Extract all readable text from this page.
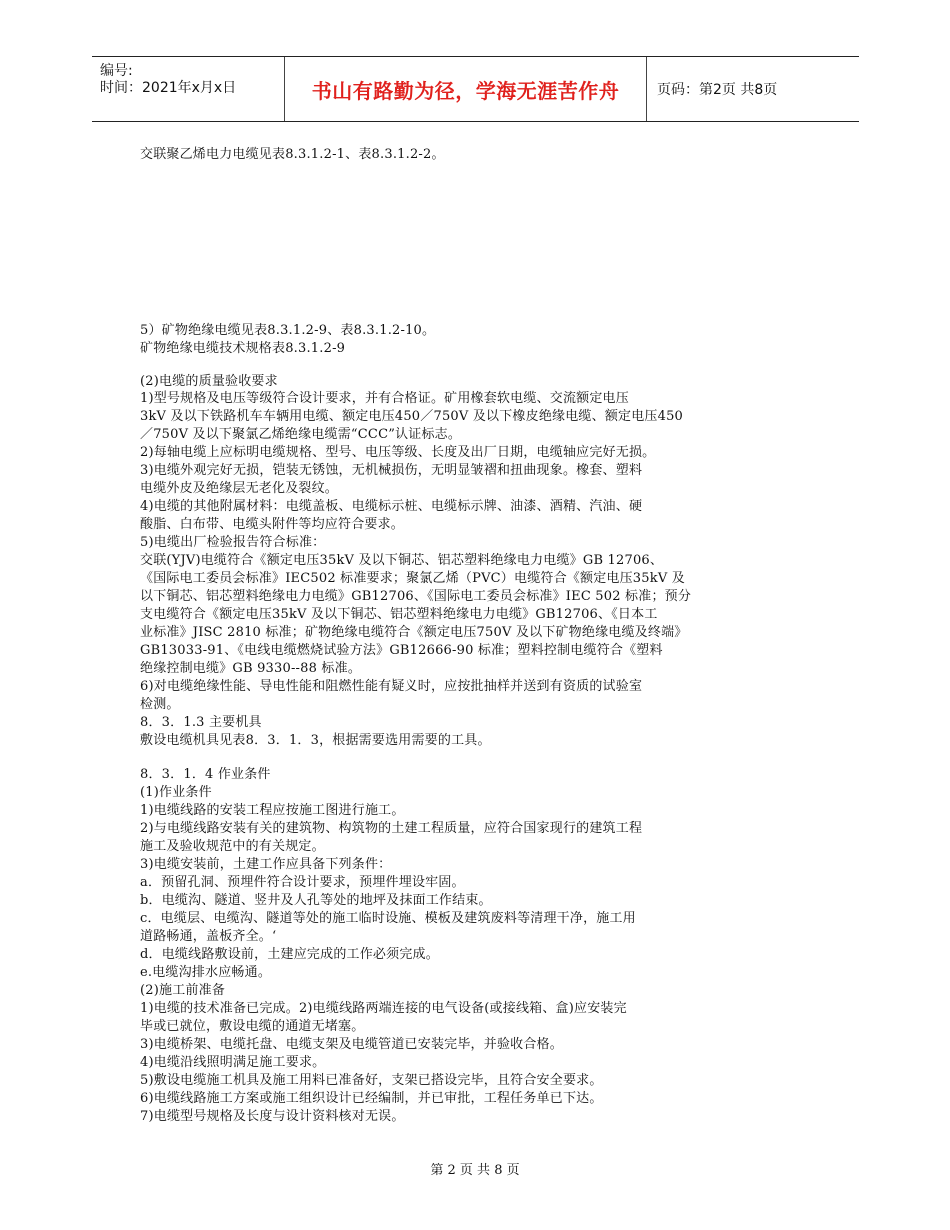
编号:
时间：2021年x月x日	书山有路勤为径，学海无涯苦作舟	页码：第2页 共8页
交联聚乙烯电力电缆见表8.3.1.2-1、表8.3.1.2-2。
5）矿物绝缘电缆见表8.3.1.2-9、表8.3.1.2-10。
矿物绝缘电缆技术规格表8.3.1.2-9
(2)电缆的质量验收要求
1)型号规格及电压等级符合设计要求，并有合格证。矿用橡套软电缆、交流额定电压
3kV 及以下铁路机车车辆用电缆、额定电压450／750V 及以下橡皮绝缘电缆、额定电压450
／750V 及以下聚氯乙烯绝缘电缆需“CCC”认证标志。
2)每轴电缆上应标明电缆规格、型号、电压等级、长度及出厂日期，电缆轴应完好无损。
3)电缆外观完好无损，铠装无锈蚀，无机械损伤，无明显皱褶和扭曲现象。橡套、塑料
电缆外皮及绝缘层无老化及裂纹。
4)电缆的其他附属材料：电缆盖板、电缆标示桩、电缆标示牌、油漆、酒精、汽油、硬
酸脂、白布带、电缆头附件等均应符合要求。
5)电缆出厂检验报告符合标准：
交联(YJV)电缆符合《额定电压35kV 及以下铜芯、铝芯塑料绝缘电力电缆》GB 12706、
《国际电工委员会标准》IEC502 标准要求；聚氯乙烯（PVC）电缆符合《额定电压35kV 及
以下铜芯、铝芯塑料绝缘电力电缆》GB12706、《国际电工委员会标准》IEC 502 标准；预分
支电缆符合《额定电压35kV 及以下铜芯、铝芯塑料绝缘电力电缆》GB12706、《日本工
业标准》JISC 2810 标准；矿物绝缘电缆符合《额定电压750V 及以下矿物绝缘电缆及终端》
GB13033-91、《电线电缆燃烧试验方法》GB12666-90 标准；塑料控制电缆符合《塑料
绝缘控制电缆》GB 9330--88 标准。
6)对电缆绝缘性能、导电性能和阻燃性能有疑义时，应按批抽样并送到有资质的试验室
检测。
8．3．1.3 主要机具
敷设电缆机具见表8．3．1．3，根据需要选用需要的工具。
8．3．1．4 作业条件
(1)作业条件
1)电缆线路的安装工程应按施工图进行施工。
2)与电缆线路安装有关的建筑物、构筑物的土建工程质量，应符合国家现行的建筑工程
施工及验收规范中的有关规定。
3)电缆安装前，土建工作应具备下列条件：
a．预留孔洞、预埋件符合设计要求，预埋件埋设牢固。
b．电缆沟、隧道、竖井及人孔等处的地坪及抹面工作结束。
c．电缆层、电缆沟、隧道等处的施工临时设施、模板及建筑废料等清理干净，施工用
道路畅通，盖板齐全。‘
d．电缆线路敷设前，土建应完成的工作必须完成。
e.电缆沟排水应畅通。
(2)施工前准备
1)电缆的技术准备已完成。2)电缆线路两端连接的电气设备(或接线箱、盒)应安装完
毕或已就位，敷设电缆的通道无堵塞。
3)电缆桥架、电缆托盘、电缆支架及电缆管道已安装完毕，并验收合格。
4)电缆沿线照明满足施工要求。
5)敷设电缆施工机具及施工用料已准备好，支架已搭设完毕，且符合安全要求。
6)电缆线路施工方案或施工组织设计已经编制，并已审批，工程任务单已下达。
7)电缆型号规格及长度与设计资料核对无误。
第 2 页 共 8 页
